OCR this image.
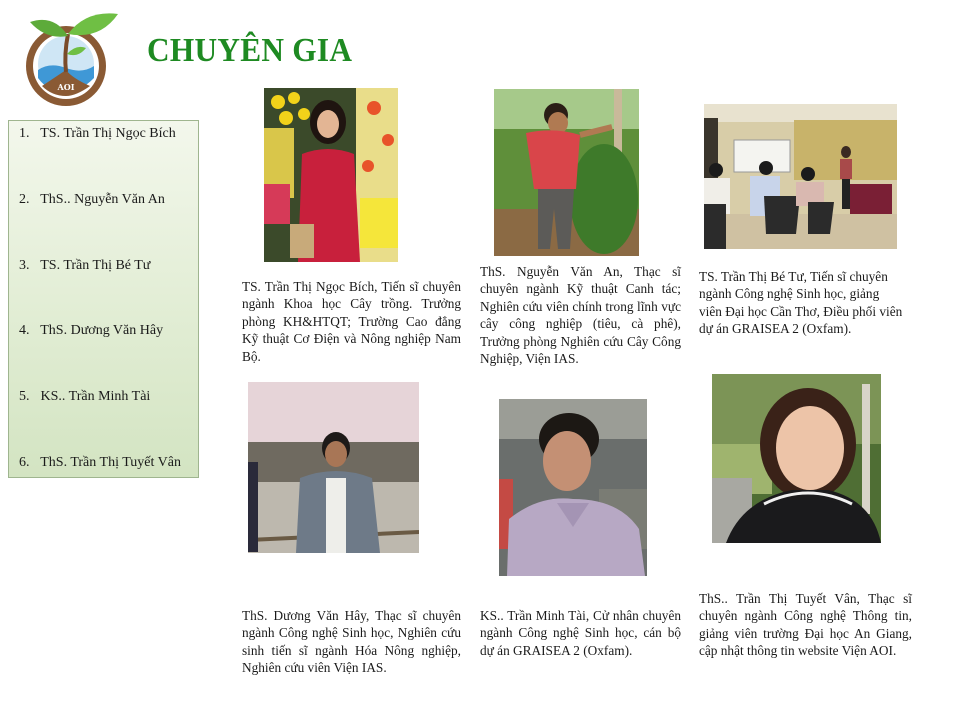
AOI
CHUYÊN GIA
1. TS. Trần Thị Ngọc Bích
2. ThS.. Nguyễn Văn An
3. TS. Trần Thị Bé Tư
4. ThS. Dương Văn Hây
5. KS.. Trần Minh Tài
6. ThS. Trần Thị Tuyết Vân
TS. Trần Thị Ngọc Bích, Tiến sĩ chuyên ngành Khoa học Cây trồng. Trưởng phòng KH&HTQT; Trường Cao đẳng Kỹ thuật Cơ Điện và Nông nghiệp Nam Bộ.
ThS. Nguyễn Văn An, Thạc sĩ chuyên ngành Kỹ thuật Canh tác; Nghiên cứu viên chính trong lĩnh vực cây công nghiệp (tiêu, cà phê), Trưởng phòng Nghiên cứu Cây Công Nghiệp, Viện IAS.
TS. Trần Thị Bé Tư, Tiến sĩ chuyên ngành Công nghệ Sinh học, giảng viên Đại học Cần Thơ, Điều phối viên dự án GRAISEA 2 (Oxfam).
ThS. Dương Văn Hây, Thạc sĩ chuyên ngành Công nghệ Sinh học, Nghiên cứu sinh tiến sĩ ngành Hóa Nông nghiệp, Nghiên cứu viên Viện IAS.
KS.. Trần Minh Tài, Cử nhân chuyên ngành Công nghệ Sinh học, cán bộ dự án GRAISEA 2 (Oxfam).
ThS.. Trần Thị Tuyết Vân, Thạc sĩ chuyên ngành Công nghệ Thông tin, giảng viên trường Đại học An Giang, cập nhật thông tin website Viện AOI.
